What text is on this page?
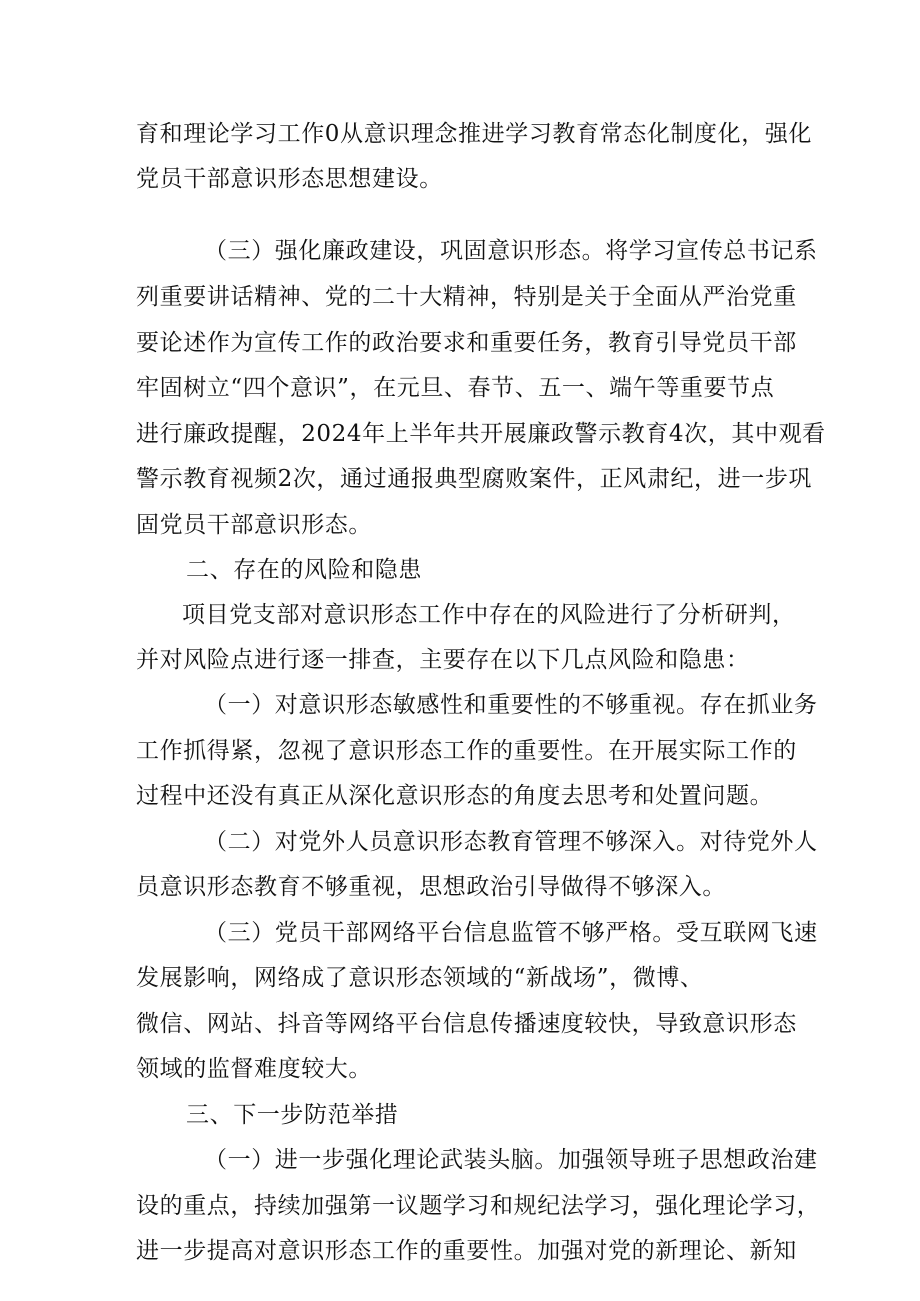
育和理论学习工作0从意识理念推进学习教育常态化制度化，强化

党员干部意识形态思想建设。

（三）强化廉政建设，巩固意识形态。将学习宣传总书记系

列重要讲话精神、党的二十大精神，特别是关于全面从严治党重

要论述作为宣传工作的政治要求和重要任务，教育引导党员干部

牢固树立“四个意识”，在元旦、春节、五一、端午等重要节点

进行廉政提醒，2024年上半年共开展廉政警示教育4次，其中观看

警示教育视频2次，通过通报典型腐败案件，正风肃纪，进一步巩

固党员干部意识形态。

二、存在的风险和隐患

项目党支部对意识形态工作中存在的风险进行了分析研判，

并对风险点进行逐一排查，主要存在以下几点风险和隐患：

（一）对意识形态敏感性和重要性的不够重视。存在抓业务

工作抓得紧，忽视了意识形态工作的重要性。在开展实际工作的

过程中还没有真正从深化意识形态的角度去思考和处置问题。

（二）对党外人员意识形态教育管理不够深入。对待党外人

员意识形态教育不够重视，思想政治引导做得不够深入。

（三）党员干部网络平台信息监管不够严格。受互联网飞速

发展影响，网络成了意识形态领域的“新战场”，微博、

微信、网站、抖音等网络平台信息传播速度较快，导致意识形态

领域的监督难度较大。

三、下一步防范举措

（一）进一步强化理论武装头脑。加强领导班子思想政治建

设的重点，持续加强第一议题学习和规纪法学习，强化理论学习，

进一步提高对意识形态工作的重要性。加强对党的新理论、新知
